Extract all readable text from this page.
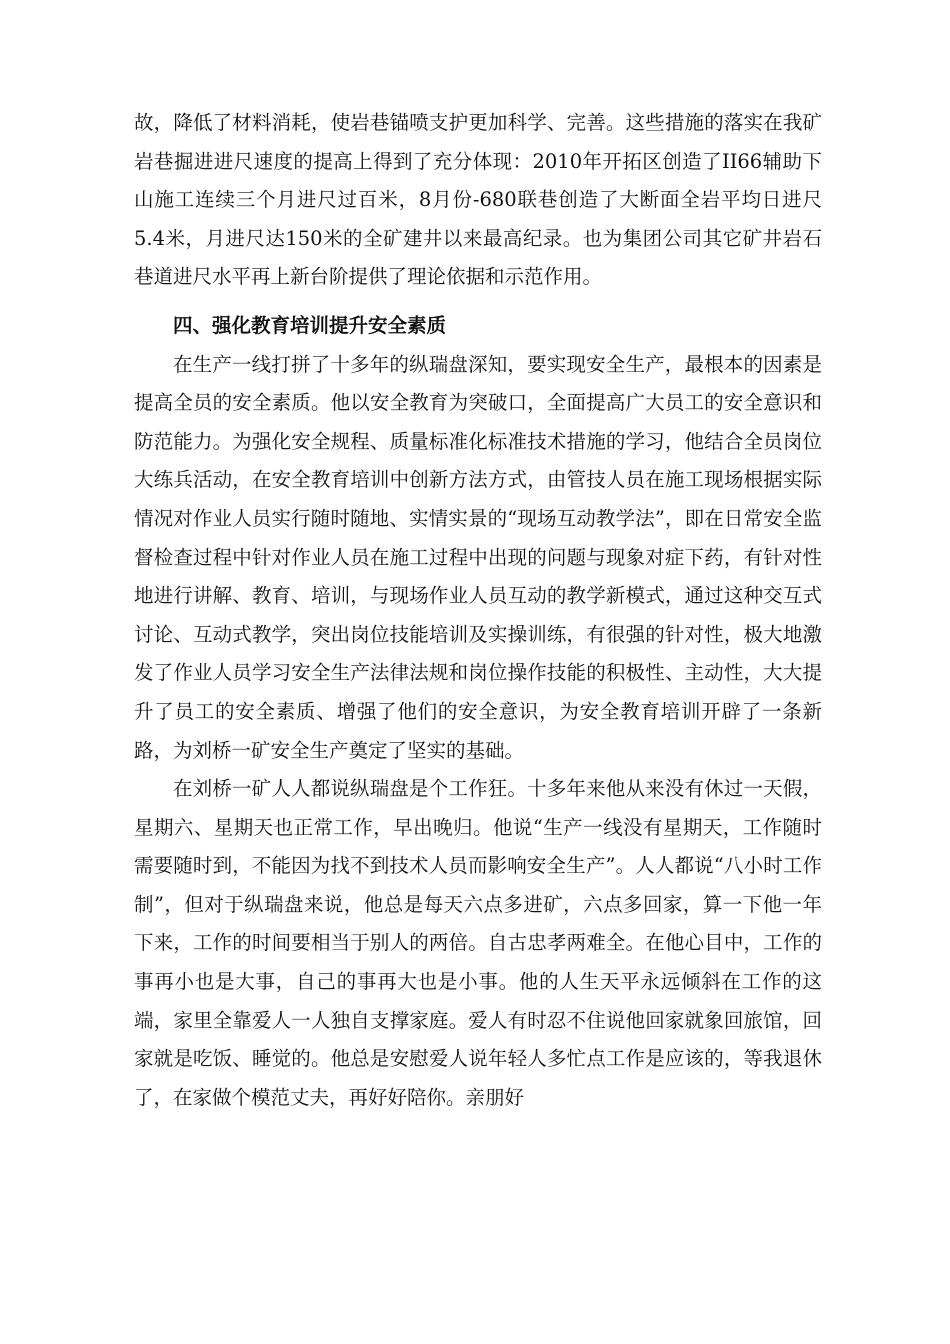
故，降低了材料消耗，使岩巷锚喷支护更加科学、完善。这些措施的落实在我矿岩巷掘进进尺速度的提高上得到了充分体现：2010年开拓区创造了II66辅助下山施工连续三个月进尺过百米，8月份-680联巷创造了大断面全岩平均日进尺5.4米，月进尺达150米的全矿建井以来最高纪录。也为集团公司其它矿井岩石巷道进尺水平再上新台阶提供了理论依据和示范作用。

四、强化教育培训提升安全素质

在生产一线打拼了十多年的纵瑞盘深知，要实现安全生产，最根本的因素是提高全员的安全素质。他以安全教育为突破口，全面提高广大员工的安全意识和防范能力。为强化安全规程、质量标准化标准技术措施的学习，他结合全员岗位大练兵活动，在安全教育培训中创新方法方式，由管技人员在施工现场根据实际情况对作业人员实行随时随地、实情实景的“现场互动教学法”，即在日常安全监督检查过程中针对作业人员在施工过程中出现的问题与现象对症下药，有针对性地进行讲解、教育、培训，与现场作业人员互动的教学新模式，通过这种交互式讨论、互动式教学，突出岗位技能培训及实操训练，有很强的针对性，极大地激发了作业人员学习安全生产法律法规和岗位操作技能的积极性、主动性，大大提升了员工的安全素质、增强了他们的安全意识，为安全教育培训开辟了一条新路，为刘桥一矿安全生产奠定了坚实的基础。

在刘桥一矿人人都说纵瑞盘是个工作狂。十多年来他从来没有休过一天假，星期六、星期天也正常工作，早出晚归。他说“生产一线没有星期天，工作随时需要随时到，不能因为找不到技术人员而影响安全生产”。人人都说“八小时工作制”，但对于纵瑞盘来说，他总是每天六点多进矿，六点多回家，算一下他一年下来，工作的时间要相当于别人的两倍。自古忠孝两难全。在他心目中，工作的事再小也是大事，自己的事再大也是小事。他的人生天平永远倾斜在工作的这端，家里全靠爱人一人独自支撑家庭。爱人有时忍不住说他回家就象回旅馆，回家就是吃饭、睡觉的。他总是安慰爱人说年轻人多忙点工作是应该的，等我退休了，在家做个模范丈夫，再好好陪你。亲朋好
